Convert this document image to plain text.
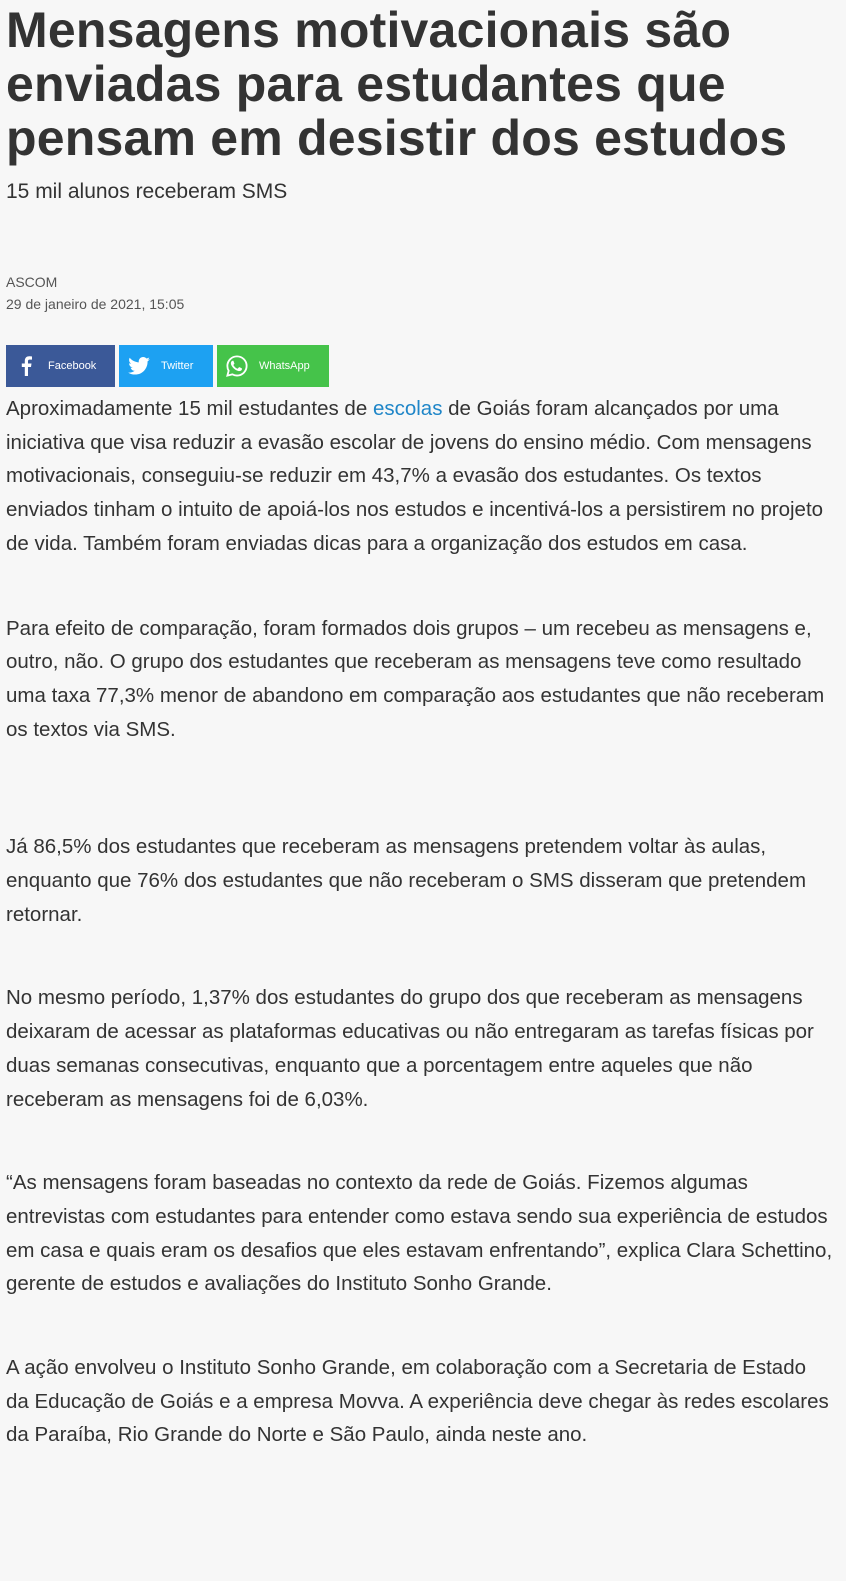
Mensagens motivacionais são enviadas para estudantes que pensam em desistir dos estudos
15 mil alunos receberam SMS
ASCOM
29 de janeiro de 2021, 15:05
Facebook	Twitter	WhatsApp

Aproximadamente 15 mil estudantes de escolas de Goiás foram alcançados por uma iniciativa que visa reduzir a evasão escolar de jovens do ensino médio. Com mensagens motivacionais, conseguiu-se reduzir em 43,7% a evasão dos estudantes. Os textos enviados tinham o intuito de apoiá-los nos estudos e incentivá-los a persistirem no projeto de vida. Também foram enviadas dicas para a organização dos estudos em casa.

Para efeito de comparação, foram formados dois grupos – um recebeu as mensagens e, outro, não. O grupo dos estudantes que receberam as mensagens teve como resultado uma taxa 77,3% menor de abandono em comparação aos estudantes que não receberam os textos via SMS.

Já 86,5% dos estudantes que receberam as mensagens pretendem voltar às aulas, enquanto que 76% dos estudantes que não receberam o SMS disseram que pretendem retornar.

No mesmo período, 1,37% dos estudantes do grupo dos que receberam as mensagens deixaram de acessar as plataformas educativas ou não entregaram as tarefas físicas por duas semanas consecutivas, enquanto que a porcentagem entre aqueles que não receberam as mensagens foi de 6,03%.

“As mensagens foram baseadas no contexto da rede de Goiás. Fizemos algumas entrevistas com estudantes para entender como estava sendo sua experiência de estudos em casa e quais eram os desafios que eles estavam enfrentando”, explica Clara Schettino, gerente de estudos e avaliações do Instituto Sonho Grande.

A ação envolveu o Instituto Sonho Grande, em colaboração com a Secretaria de Estado da Educação de Goiás e a empresa Movva. A experiência deve chegar às redes escolares da Paraíba, Rio Grande do Norte e São Paulo, ainda neste ano.
